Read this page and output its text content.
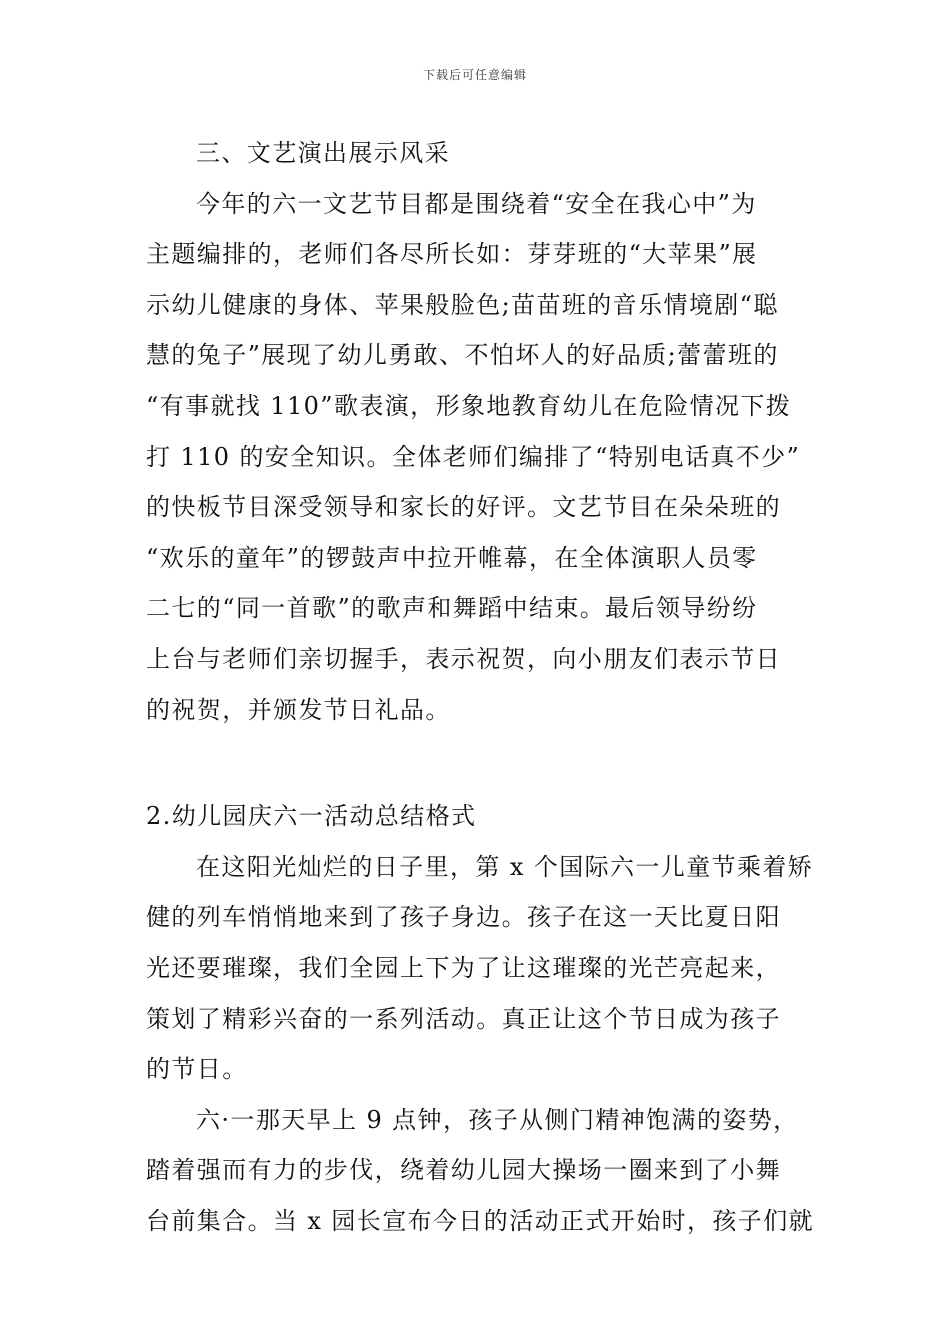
下载后可任意编辑
三、文艺演出展示风采
今年的六一文艺节目都是围绕着“安全在我心中”为
主题编排的，老师们各尽所长如：芽芽班的“大苹果”展
示幼儿健康的身体、苹果般脸色;苗苗班的音乐情境剧“聪
慧的兔子”展现了幼儿勇敢、不怕坏人的好品质;蕾蕾班的
“有事就找 110”歌表演，形象地教育幼儿在危险情况下拨
打 110 的安全知识。全体老师们编排了“特别电话真不少”
的快板节目深受领导和家长的好评。文艺节目在朵朵班的
“欢乐的童年”的锣鼓声中拉开帷幕，在全体演职人员零
二七的“同一首歌”的歌声和舞蹈中结束。最后领导纷纷
上台与老师们亲切握手，表示祝贺，向小朋友们表示节日
的祝贺，并颁发节日礼品。
2.幼儿园庆六一活动总结格式
在这阳光灿烂的日子里，第 x 个国际六一儿童节乘着矫
健的列车悄悄地来到了孩子身边。孩子在这一天比夏日阳
光还要璀璨，我们全园上下为了让这璀璨的光芒亮起来，
策划了精彩兴奋的一系列活动。真正让这个节日成为孩子
的节日。
六·一那天早上 9 点钟，孩子从侧门精神饱满的姿势，
踏着强而有力的步伐，绕着幼儿园大操场一圈来到了小舞
台前集合。当 x 园长宣布今日的活动正式开始时，孩子们就
